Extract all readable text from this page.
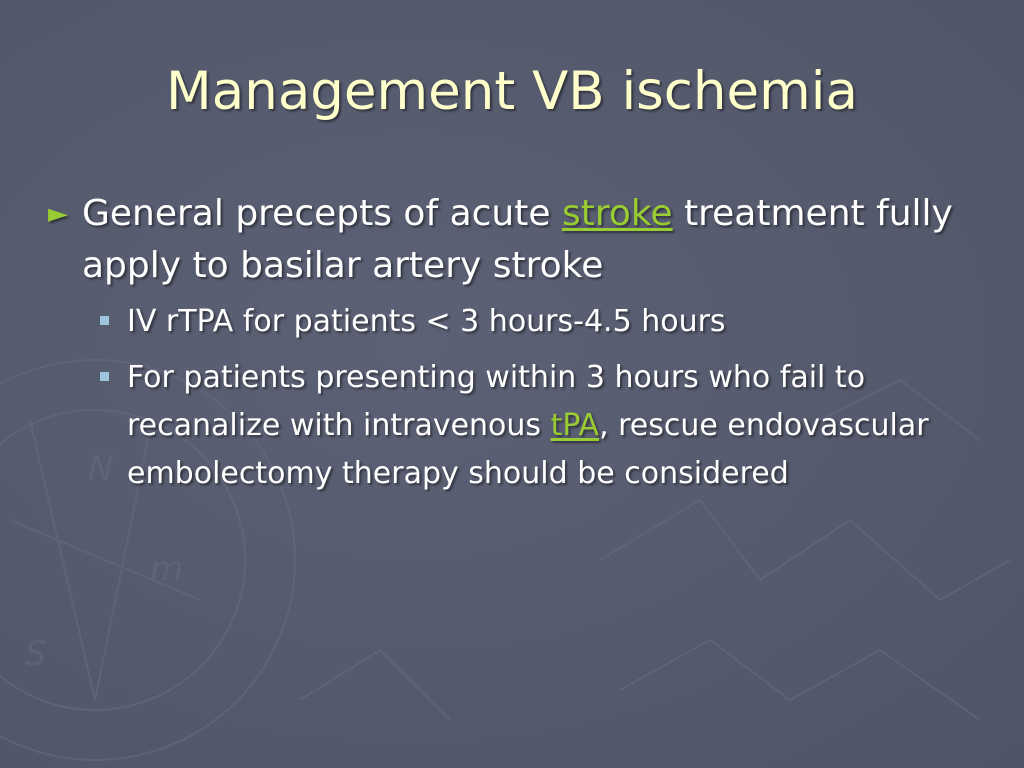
N
m
S
Management VB ischemia
► General precepts of acute stroke treatment fully apply to basilar artery stroke
IV rTPA for patients < 3 hours-4.5 hours
For patients presenting within 3 hours who fail to recanalize with intravenous tPA, rescue endovascular embolectomy therapy should be considered
